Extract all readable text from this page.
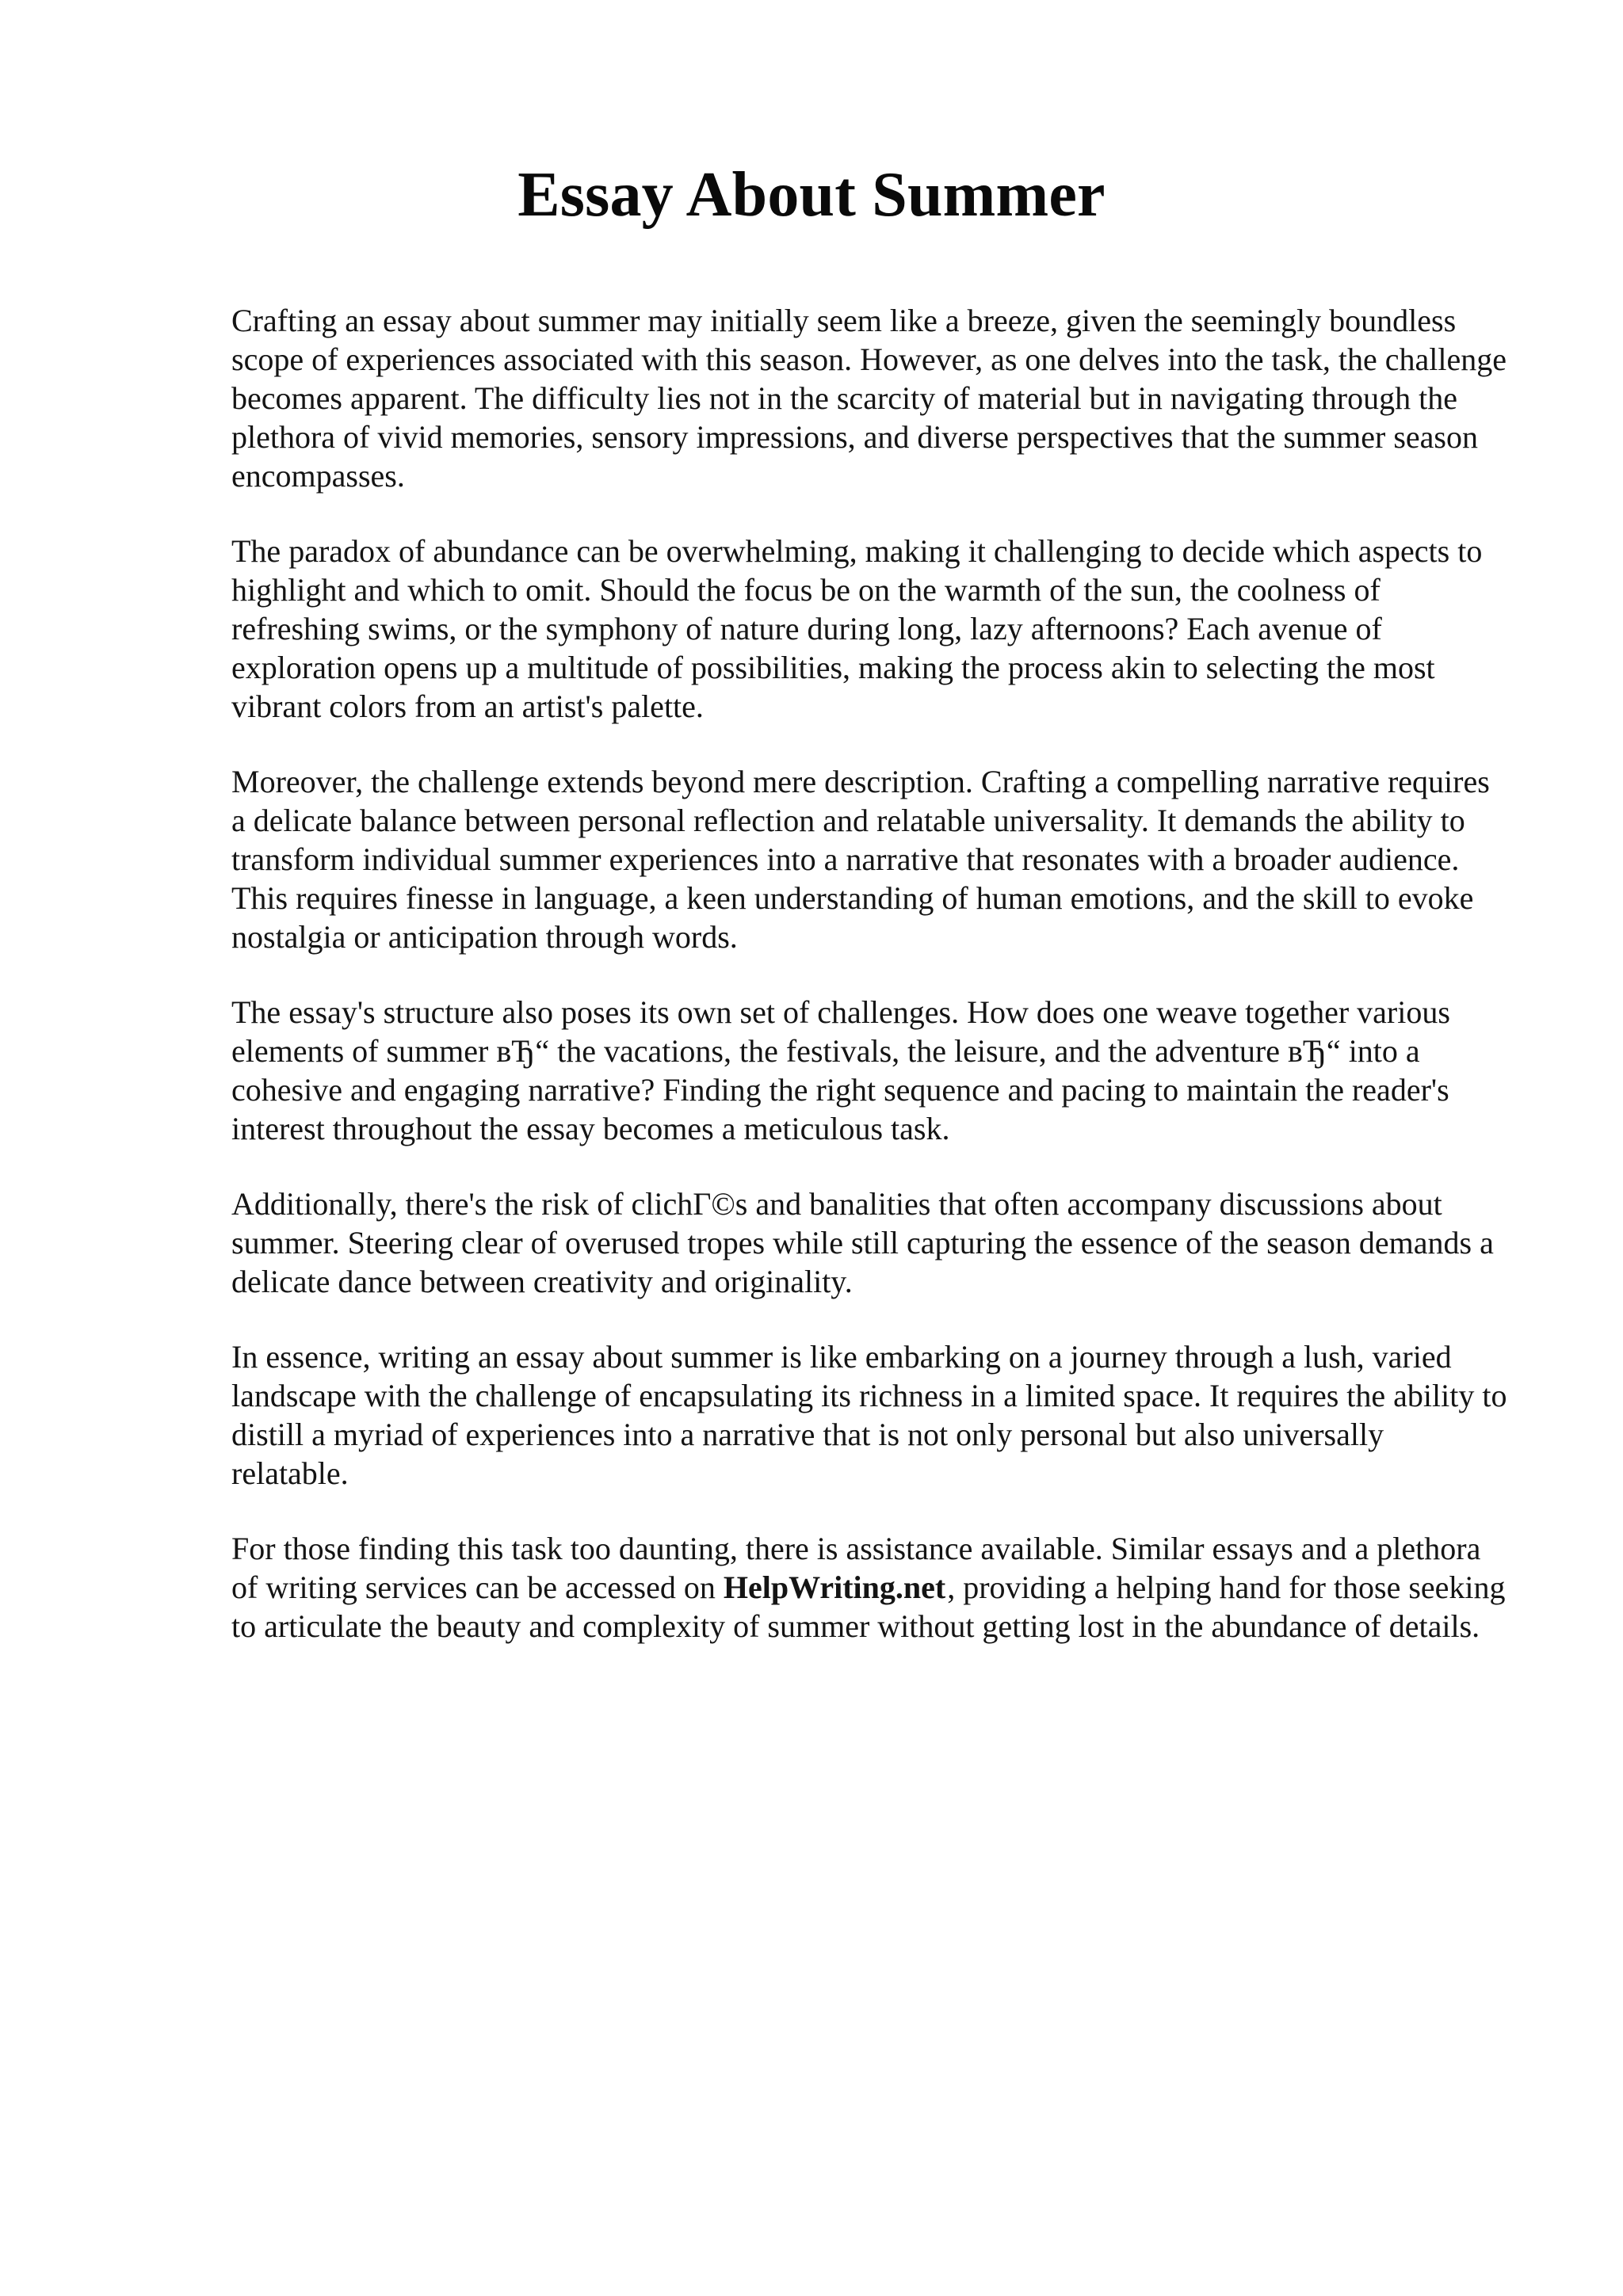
Essay About Summer

Crafting an essay about summer may initially seem like a breeze, given the seemingly boundless scope of experiences associated with this season. However, as one delves into the task, the challenge becomes apparent. The difficulty lies not in the scarcity of material but in navigating through the plethora of vivid memories, sensory impressions, and diverse perspectives that the summer season encompasses.

The paradox of abundance can be overwhelming, making it challenging to decide which aspects to highlight and which to omit. Should the focus be on the warmth of the sun, the coolness of refreshing swims, or the symphony of nature during long, lazy afternoons? Each avenue of exploration opens up a multitude of possibilities, making the process akin to selecting the most vibrant colors from an artist's palette.

Moreover, the challenge extends beyond mere description. Crafting a compelling narrative requires a delicate balance between personal reflection and relatable universality. It demands the ability to transform individual summer experiences into a narrative that resonates with a broader audience. This requires finesse in language, a keen understanding of human emotions, and the skill to evoke nostalgia or anticipation through words.

The essay's structure also poses its own set of challenges. How does one weave together various elements of summer вЂ“ the vacations, the festivals, the leisure, and the adventure вЂ“ into a cohesive and engaging narrative? Finding the right sequence and pacing to maintain the reader's interest throughout the essay becomes a meticulous task.

Additionally, there's the risk of clichГ©s and banalities that often accompany discussions about summer. Steering clear of overused tropes while still capturing the essence of the season demands a delicate dance between creativity and originality.

In essence, writing an essay about summer is like embarking on a journey through a lush, varied landscape with the challenge of encapsulating its richness in a limited space. It requires the ability to distill a myriad of experiences into a narrative that is not only personal but also universally relatable.

For those finding this task too daunting, there is assistance available. Similar essays and a plethora of writing services can be accessed on HelpWriting.net, providing a helping hand for those seeking to articulate the beauty and complexity of summer without getting lost in the abundance of details.
